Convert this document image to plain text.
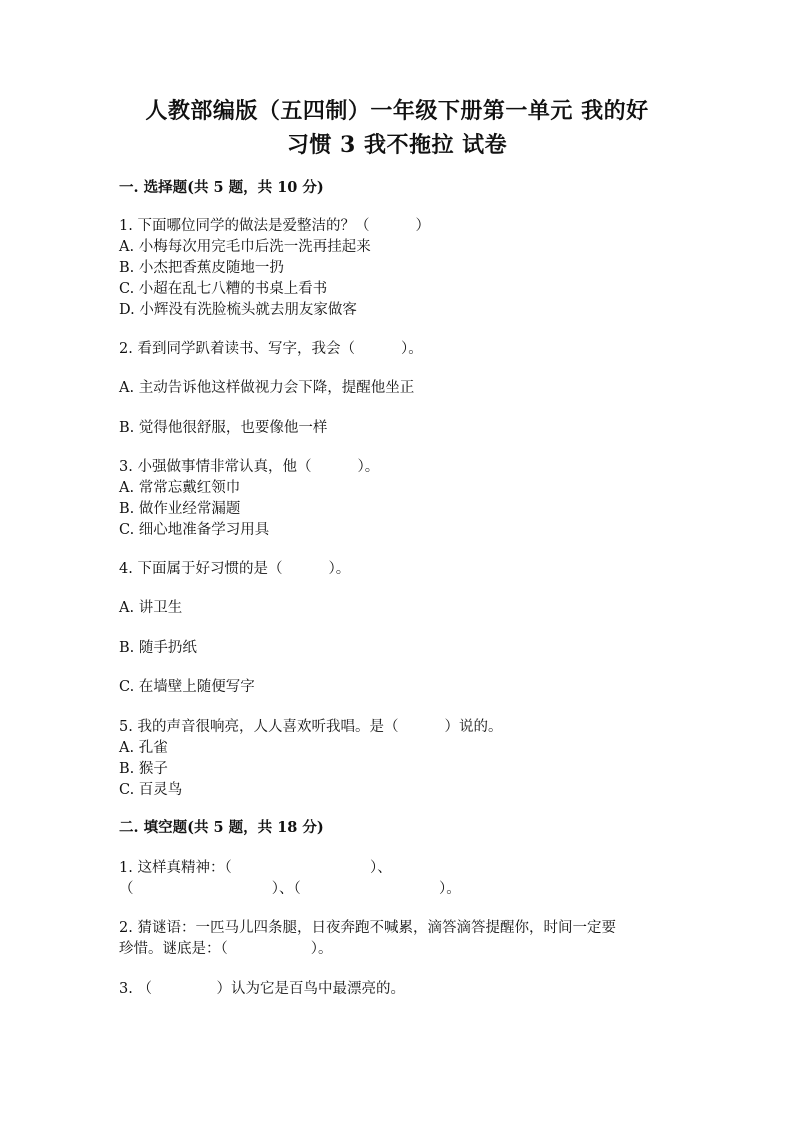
人教部编版（五四制）一年级下册第一单元 我的好
习惯 3 我不拖拉 试卷
一. 选择题(共 5 题，共 10 分)
1. 下面哪位同学的做法是爱整洁的？（          ）
A. 小梅每次用完毛巾后洗一洗再挂起来
B. 小杰把香蕉皮随地一扔
C. 小超在乱七八糟的书桌上看书
D. 小辉没有洗脸梳头就去朋友家做客
2. 看到同学趴着读书、写字，我会（          ）。
A. 主动告诉他这样做视力会下降，提醒他坐正
B. 觉得他很舒服，也要像他一样
3. 小强做事情非常认真，他（          ）。
A. 常常忘戴红领巾
B. 做作业经常漏题
C. 细心地准备学习用具
4. 下面属于好习惯的是（          ）。
A. 讲卫生
B. 随手扔纸
C. 在墙壁上随便写字
5. 我的声音很响亮，人人喜欢听我唱。是（          ）说的。
A. 孔雀
B. 猴子
C. 百灵鸟
二. 填空题(共 5 题，共 18 分)
1. 这样真精神：（                              ）、
（                              ）、（                              ）。
2. 猜谜语：一匹马儿四条腿，日夜奔跑不喊累，滴答滴答提醒你，时间一定要
珍惜。谜底是：（                  ）。
3. （              ）认为它是百鸟中最漂亮的。
